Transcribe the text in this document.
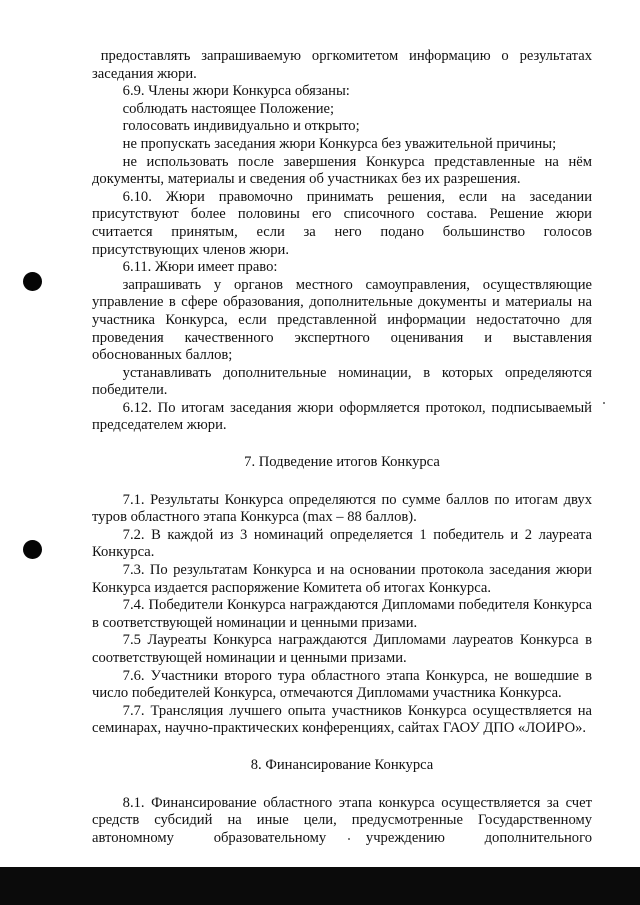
предоставлять запрашиваемую оргкомитетом информацию о результатах заседания жюри.

6.9. Члены жюри Конкурса обязаны:

соблюдать настоящее Положение;

голосовать индивидуально и открыто;

не пропускать заседания жюри Конкурса без уважительной причины;

не использовать после завершения Конкурса представленные на нём документы, материалы и сведения об участниках без их разрешения.

6.10. Жюри правомочно принимать решения, если на заседании присутствуют более половины его списочного состава. Решение жюри считается принятым, если за него подано большинство голосов присутствующих членов жюри.

6.11. Жюри имеет право:

запрашивать у органов местного самоуправления, осуществляющие управление в сфере образования, дополнительные документы и материалы на участника Конкурса, если представленной информации недостаточно для проведения качественного экспертного оценивания и выставления обоснованных баллов;

устанавливать дополнительные номинации, в которых определяются победители.

6.12. По итогам заседания жюри оформляется протокол, подписываемый председателем жюри.

7. Подведение итогов Конкурса

7.1. Результаты Конкурса определяются по сумме баллов по итогам двух туров областного этапа Конкурса (max – 88 баллов).

7.2. В каждой из 3 номинаций определяется 1 победитель и 2 лауреата Конкурса.

7.3. По результатам Конкурса и на основании протокола заседания жюри Конкурса издается распоряжение Комитета об итогах Конкурса.

7.4. Победители Конкурса награждаются Дипломами победителя Конкурса в соответствующей номинации и ценными призами.

7.5 Лауреаты Конкурса награждаются Дипломами лауреатов Конкурса в соответствующей номинации и ценными призами.

7.6. Участники второго тура областного этапа Конкурса, не вошедшие в число победителей Конкурса, отмечаются Дипломами участника Конкурса.

7.7. Трансляция лучшего опыта участников Конкурса осуществляется на семинарах, научно-практических конференциях, сайтах ГАОУ ДПО «ЛОИРО».

8. Финансирование Конкурса

8.1. Финансирование областного этапа конкурса осуществляется за счет средств субсидий на иные цели, предусмотренные Государственному автономному образовательному учреждению дополнительного
